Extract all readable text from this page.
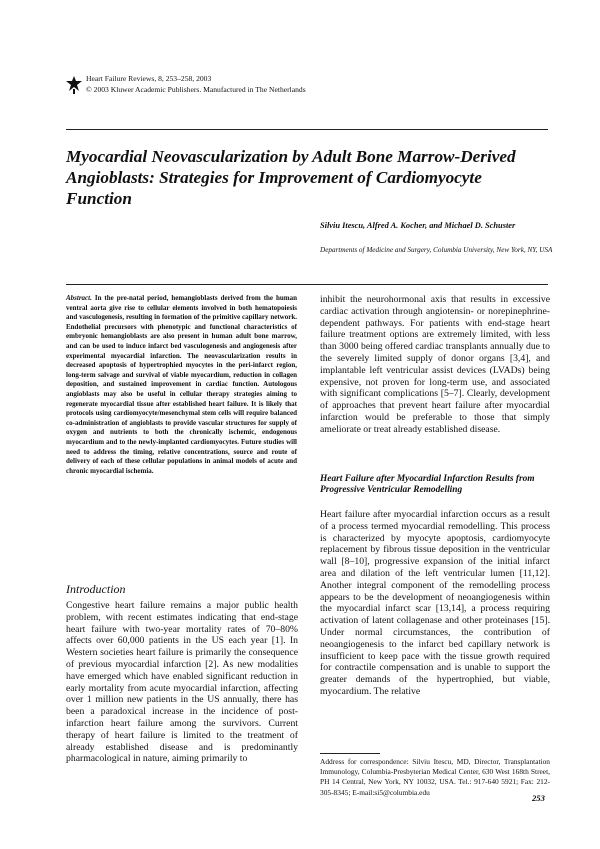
Heart Failure Reviews, 8, 253–258, 2003
© 2003 Kluwer Academic Publishers. Manufactured in The Netherlands
Myocardial Neovascularization by Adult Bone Marrow-Derived Angioblasts: Strategies for Improvement of Cardiomyocyte Function
Silviu Itescu, Alfred A. Kocher, and Michael D. Schuster
Departments of Medicine and Surgery, Columbia University, New York, NY, USA
Abstract. In the pre-natal period, hemangioblasts derived from the human ventral aorta give rise to cellular elements involved in both hematopoiesis and vasculogenesis, resulting in formation of the primitive capillary network. Endothelial precursors with phenotypic and functional characteristics of embryonic hemangioblasts are also present in human adult bone marrow, and can be used to induce infarct bed vasculogenesis and angiogenesis after experimental myocardial infarction. The neovascularization results in decreased apoptosis of hypertrophied myocytes in the peri-infarct region, long-term salvage and survival of viable myocardium, reduction in collagen deposition, and sustained improvement in cardiac function. Autologous angioblasts may also be useful in cellular therapy strategies aiming to regenerate myocardial tissue after established heart failure. It is likely that protocols using cardiomyocyte/mesenchymal stem cells will require balanced co-administration of angioblasts to provide vascular structures for supply of oxygen and nutrients to both the chronically ischemic, endogenous myocardium and to the newly-implanted cardiomyocytes. Future studies will need to address the timing, relative concentrations, source and route of delivery of each of these cellular populations in animal models of acute and chronic myocardial ischemia.
Introduction

Congestive heart failure remains a major public health problem, with recent estimates indicating that end-stage heart failure with two-year mortality rates of 70–80% affects over 60,000 patients in the US each year [1]. In Western societies heart failure is primarily the consequence of previous myocardial infarction [2]. As new modalities have emerged which have enabled significant reduction in early mortality from acute myocardial infarction, affecting over 1 million new patients in the US annually, there has been a paradoxical increase in the incidence of post-infarction heart failure among the survivors. Current therapy of heart failure is limited to the treatment of already established disease and is predominantly pharmacological in nature, aiming primarily to

inhibit the neurohormonal axis that results in excessive cardiac activation through angiotensin- or norepinephrine-dependent pathways. For patients with end-stage heart failure treatment options are extremely limited, with less than 3000 being offered cardiac transplants annually due to the severely limited supply of donor organs [3,4], and implantable left ventricular assist devices (LVADs) being expensive, not proven for long-term use, and associated with significant complications [5–7]. Clearly, development of approaches that prevent heart failure after myocardial infarction would be preferable to those that simply ameliorate or treat already established disease.

Heart Failure after Myocardial Infarction Results from Progressive Ventricular Remodelling

Heart failure after myocardial infarction occurs as a result of a process termed myocardial remodelling. This process is characterized by myocyte apoptosis, cardiomyocyte replacement by fibrous tissue deposition in the ventricular wall [8–10], progressive expansion of the initial infarct area and dilation of the left ventricular lumen [11,12]. Another integral component of the remodelling process appears to be the development of neoangiogenesis within the myocardial infarct scar [13,14], a process requiring activation of latent collagenase and other proteinases [15]. Under normal circumstances, the contribution of neoangiogenesis to the infarct bed capillary network is insufficient to keep pace with the tissue growth required for contractile compensation and is unable to support the greater demands of the hypertrophied, but viable, myocardium. The relative

Address for correspondence: Silviu Itescu, MD, Director, Transplantation Immunology, Columbia-Presbyterian Medical Center, 630 West 168th Street, PH 14 Central, New York, NY 10032, USA. Tel.: 917-640 5921; Fax: 212-305-8345; E-mail:si5@columbia.edu
253
